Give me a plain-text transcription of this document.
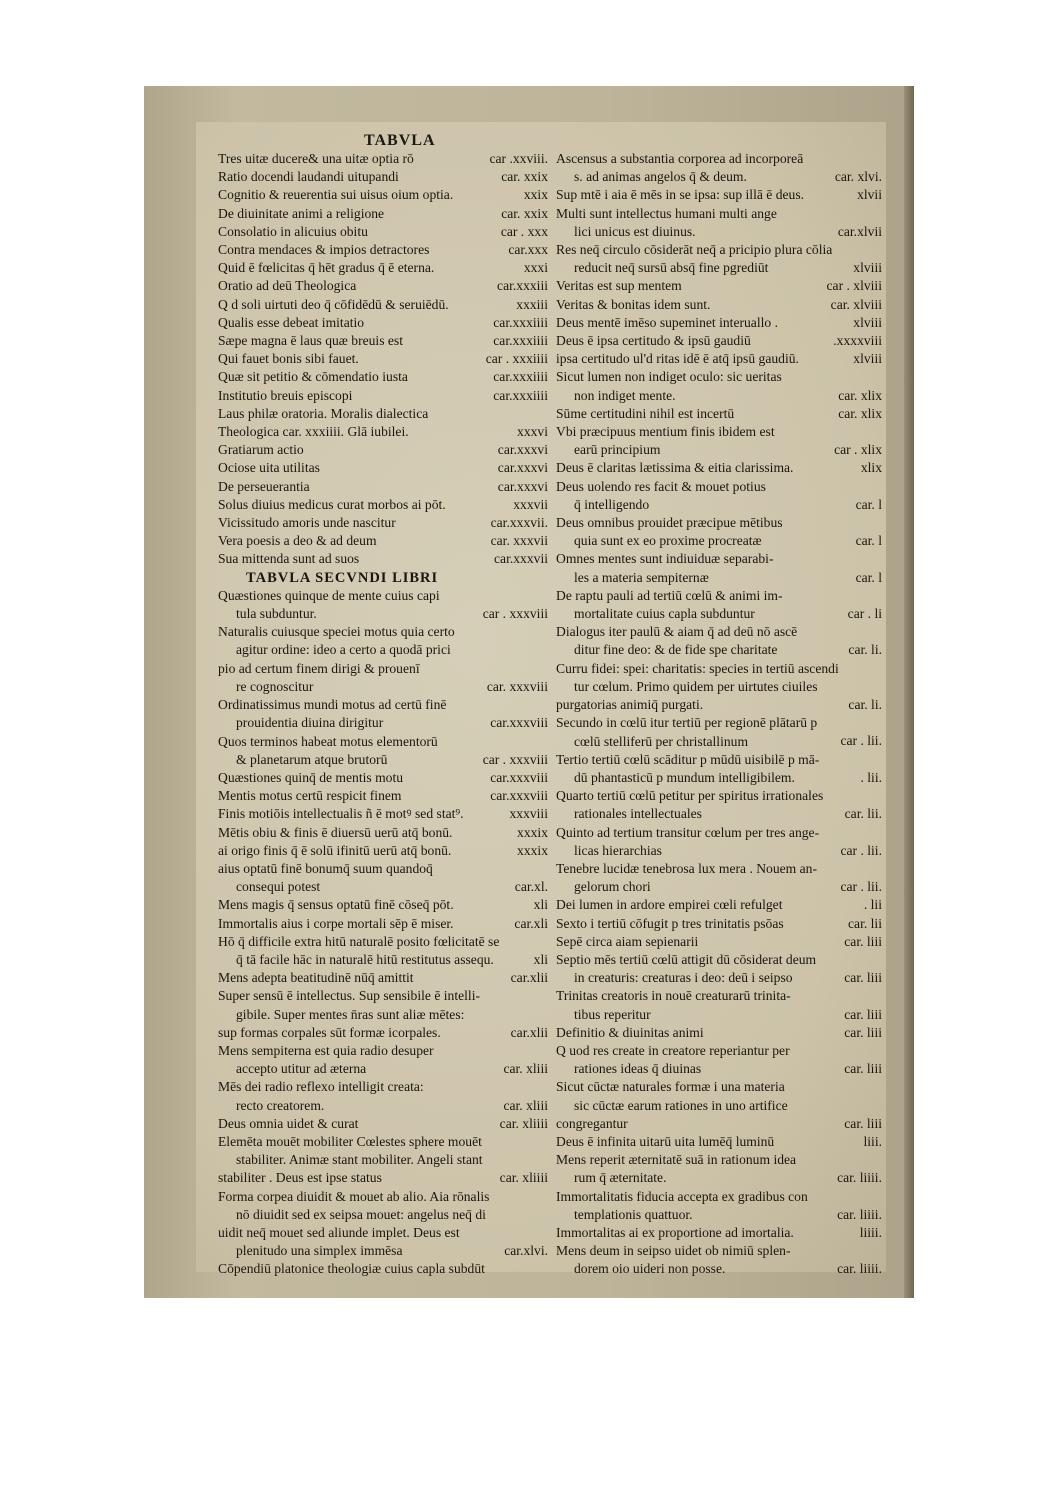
TABVLA
Tres uitæ ducere& una uitæ optia rō	car .xxviii.
Ratio docendi laudandi uitupandi	car. xxix
Cognitio & reuerentia sui uisus oium optia.	xxix
De diuinitate animi a religione	car. xxix
Consolatio in alicuius obitu	car . xxx
Contra mendaces & impios detractores	car.xxx
Quid ē fœlicitas q̄ hēt gradus q̄ ē eterna.	xxxi
Oratio ad deū Theologica	car.xxxiii
Q d soli uirtuti deo q̄ cōfidēdū & seruiēdū.	xxxiii
Qualis esse debeat imitatio	car.xxxiiii
Sæpe magna ē laus quæ breuis est	car.xxxiiii
Qui fauet bonis sibi fauet.	car . xxxiiii
Quæ sit petitio & cōmendatio iusta	car.xxxiiii
Institutio breuis episcopi	car.xxxiiii
Laus philæ oratoria. Moralis dialectica
Theologica car. xxxiiii. Glā iubilei.	xxxvi
Gratiarum actio	car.xxxvi
Ociose uita utilitas	car.xxxvi
De perseuerantia	car.xxxvi
Solus diuius medicus curat morbos ai pōt.	xxxvii
Vicissitudo amoris unde nascitur	car.xxxvii.
Vera poesis a deo & ad deum	car. xxxvii
Sua mittenda sunt ad suos	car.xxxvii
TABVLA SECVNDI LIBRI
Quæstiones quinque de mente cuius capi
tula subduntur.	car . xxxviii
Naturalis cuiusque speciei motus quia certo
agitur ordine: ideo a certo a quodā prici
pio ad certum finem dirigi & prouenī
re cognoscitur	car. xxxviii
Ordinatissimus mundi motus ad certū finē
prouidentia diuina dirigitur	car.xxxviii
Quos terminos habeat motus elementorū
& planetarum atque brutorū	car . xxxviii
Quæstiones quinq̄ de mentis motu	car.xxxviii
Mentis motus certū respicit finem	car.xxxviii
Finis motiōis intellectualis ñ ē motꝰ sed stat⁹.	xxxviii
Mētis obiu & finis ē diuersū uerū atq̄ bonū.	xxxix
ai origo finis q̄ ē solū ifinitū uerū atq̄ bonū.	xxxix
aius optatū finē bonumq̄ suum quandoq̄
consequi potest	car.xl.
Mens magis q̄ sensus optatū finē cōseq̄ pōt.	xli
Immortalis aius i corpe mortali sēp ē miser.	car.xli
Hō q̄ difficile extra hitū naturalē posito fœlicitatē se
q̄ tā facile hāc in naturalē hitū restitutus assequ.	xli
Mens adepta beatitudinē nūq̄ amittit	car.xlii
Super sensū ē intellectus. Sup sensibile ē intelli-
gibile. Super mentes n̄ras sunt aliæ mētes:
sup formas corpales sūt formæ icorpales.	car.xlii
Mens sempiterna est quia radio desuper
accepto utitur ad æterna	car. xliii
Mēs dei radio reflexo intelligit creata:
recto creatorem.	car. xliii
Deus omnia uidet & curat	car. xliiii
Elemēta mouēt mobiliter Cœlestes sphere mouēt
stabiliter. Animæ stant mobiliter. Angeli stant
stabiliter . Deus est ipse status	car. xliiii
Forma corpea diuidit & mouet ab alio. Aia rōnalis
nō diuidit sed ex seipsa mouet: angelus neq̄ di
uidit neq̄ mouet sed aliunde implet. Deus est
plenitudo una simplex immēsa	car.xlvi.
Cōpendiū platonice theologiæ cuius capla subdūt
Ascensus a substantia corporea ad incorporeā
s. ad animas angelos q̄ & deum.	car. xlvi.
Sup mtē i aia ē mēs in se ipsa: sup illā ē deus.	xlvii
Multi sunt intellectus humani multi ange
lici unicus est diuinus.	car.xlvii
Res neq̄ circulo cōsiderāt neq̄ a pricipio plura cōlia
reducit neq̄ sursū absq̄ fine pgrediūt	xlviii
Veritas est sup mentem	car . xlviii
Veritas & bonitas idem sunt.	car. xlviii
Deus mentē imēso supeminet interuallo .	xlviii
Deus ē ipsa certitudo & ipsū gaudiū	.xxxxviii
ipsa certitudo ul'd ritas idē ē atq̄ ipsū gaudiū.	xlviii
Sicut lumen non indiget oculo: sic ueritas
non indiget mente.	car. xlix
Sūme certitudini nihil est incertū	car. xlix
Vbi præcipuus mentium finis ibidem est
earū principium	car . xlix
Deus ē claritas lætissima & eitia clarissima.	xlix
Deus uolendo res facit & mouet potius
q̄ intelligendo	car. l
Deus omnibus prouidet præcipue mētibus
quia sunt ex eo proxime procreatæ	car. l
Omnes mentes sunt indiuiduæ separabi-
les a materia sempiternæ	car. l
De raptu pauli ad tertiū cœlū & animi im-
mortalitate cuius capla subduntur	car . li
Dialogus iter paulū & aiam q̄ ad deū nō ascē
ditur fine deo: & de fide spe charitate	car. li.
Curru fidei: spei: charitatis: species in tertiū ascendi
tur cœlum. Primo quidem per uirtutes ciuiles
purgatorias animiq̄ purgati.	car. li.
Secundo in cœlū itur tertiū per regionē plātarū p
cœlū stelliferū per christallinum	car . lii.
Tertio tertiū cœlū scāditur p mūdū uisibilē p mā-
dū phantasticū p mundum intelligibilem.	. lii.
Quarto tertiū cœlū petitur per spiritus irrationales
rationales intellectuales	car. lii.
Quinto ad tertium transitur cœlum per tres ange-
licas hierarchias	car . lii.
Tenebre lucidæ tenebrosa lux mera . Nouem an-
gelorum chori	car . lii.
Dei lumen in ardore empirei cœli refulget	. lii
Sexto i tertiū cōfugit p tres trinitatis psōas	car. lii
Sepē circa aiam sepienarii	car. liii
Septio mēs tertiū cœlū attigit dū cōsiderat deum
in creaturis: creaturas i deo: deū i seipso	car. liii
Trinitas creatoris in nouē creaturarū trinita-
tibus reperitur	car. liii
Definitio & diuinitas animi	car. liii
Q uod res create in creatore reperiantur per
rationes ideas q̄ diuinas	car. liii
Sicut cūctæ naturales formæ i una materia
sic cūctæ earum rationes in uno artifice
congregantur	car. liii
Deus ē infinita uitarū uita lumēq̄ luminū	liii.
Mens reperit æternitatē suā in rationum idea
rum q̄ æternitate.	car. liiii.
Immortalitatis fiducia accepta ex gradibus con
templationis quattuor.	car. liiii.
Immortalitas ai ex proportione ad imortalia.	liiii.
Mens deum in seipso uidet ob nimiū splen-
dorem oio uideri non posse.	car. liiii.
